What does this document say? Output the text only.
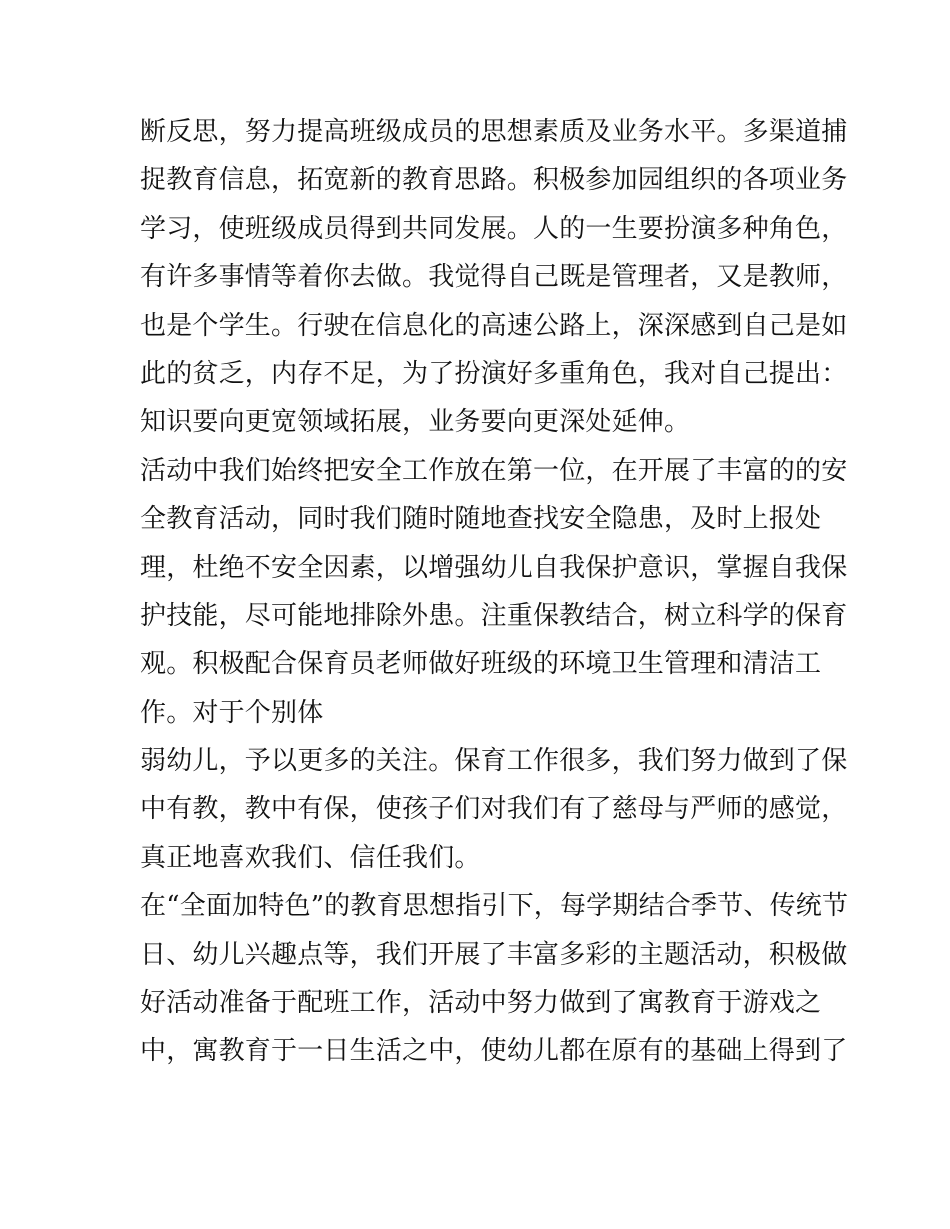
断反思，努力提高班级成员的思想素质及业务水平。多渠道捕
捉教育信息，拓宽新的教育思路。积极参加园组织的各项业务
学习，使班级成员得到共同发展。人的一生要扮演多种角色，
有许多事情等着你去做。我觉得自己既是管理者，又是教师，
也是个学生。行驶在信息化的高速公路上，深深感到自己是如
此的贫乏，内存不足，为了扮演好多重角色，我对自己提出：
知识要向更宽领域拓展，业务要向更深处延伸。
活动中我们始终把安全工作放在第一位，在开展了丰富的的安
全教育活动，同时我们随时随地查找安全隐患，及时上报处
理，杜绝不安全因素，以增强幼儿自我保护意识，掌握自我保
护技能，尽可能地排除外患。注重保教结合，树立科学的保育
观。积极配合保育员老师做好班级的环境卫生管理和清洁工
作。对于个别体
弱幼儿，予以更多的关注。保育工作很多，我们努力做到了保
中有教，教中有保，使孩子们对我们有了慈母与严师的感觉，
真正地喜欢我们、信任我们。
在“全面加特色”的教育思想指引下，每学期结合季节、传统节
日、幼儿兴趣点等，我们开展了丰富多彩的主题活动，积极做
好活动准备于配班工作，活动中努力做到了寓教育于游戏之
中，寓教育于一日生活之中，使幼儿都在原有的基础上得到了
